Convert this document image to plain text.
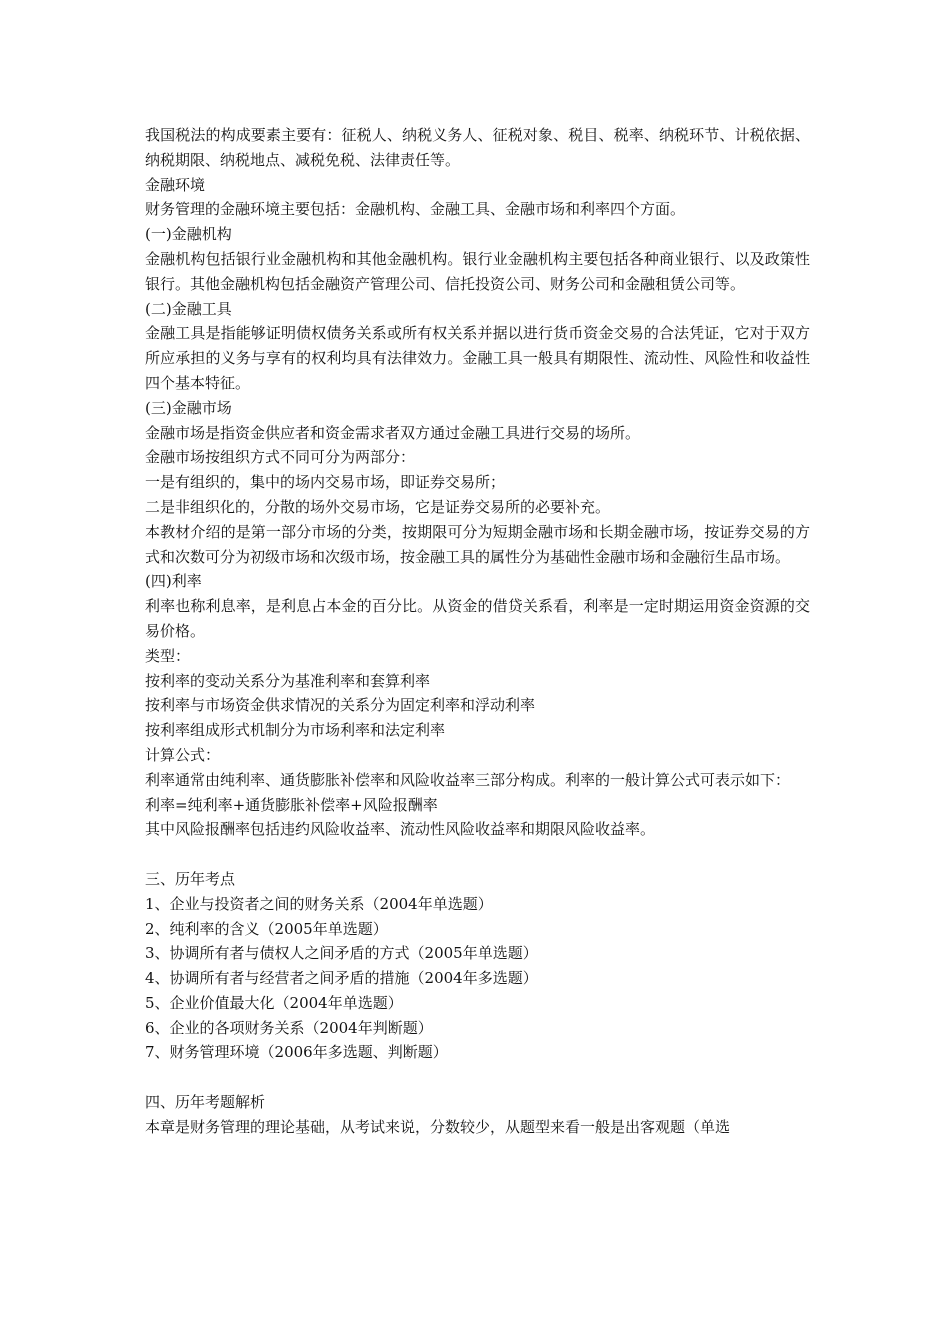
我国税法的构成要素主要有：征税人、纳税义务人、征税对象、税目、税率、纳税环节、计税依据、纳税期限、纳税地点、减税免税、法律责任等。

金融环境

财务管理的金融环境主要包括：金融机构、金融工具、金融市场和利率四个方面。

(一)金融机构

金融机构包括银行业金融机构和其他金融机构。银行业金融机构主要包括各种商业银行、以及政策性银行。其他金融机构包括金融资产管理公司、信托投资公司、财务公司和金融租赁公司等。

(二)金融工具

金融工具是指能够证明债权债务关系或所有权关系并据以进行货币资金交易的合法凭证，它对于双方所应承担的义务与享有的权利均具有法律效力。金融工具一般具有期限性、流动性、风险性和收益性四个基本特征。

(三)金融市场

金融市场是指资金供应者和资金需求者双方通过金融工具进行交易的场所。

金融市场按组织方式不同可分为两部分：

一是有组织的，集中的场内交易市场，即证券交易所；

二是非组织化的，分散的场外交易市场，它是证券交易所的必要补充。

本教材介绍的是第一部分市场的分类，按期限可分为短期金融市场和长期金融市场，按证券交易的方式和次数可分为初级市场和次级市场，按金融工具的属性分为基础性金融市场和金融衍生品市场。

(四)利率

利率也称利息率，是利息占本金的百分比。从资金的借贷关系看，利率是一定时期运用资金资源的交易价格。

类型：

按利率的变动关系分为基准利率和套算利率

按利率与市场资金供求情况的关系分为固定利率和浮动利率

按利率组成形式机制分为市场利率和法定利率

计算公式：

利率通常由纯利率、通货膨胀补偿率和风险收益率三部分构成。利率的一般计算公式可表示如下：

利率=纯利率+通货膨胀补偿率+风险报酬率

其中风险报酬率包括违约风险收益率、流动性风险收益率和期限风险收益率。

三、历年考点

1、企业与投资者之间的财务关系（2004年单选题）

2、纯利率的含义（2005年单选题）

3、协调所有者与债权人之间矛盾的方式（2005年单选题）

4、协调所有者与经营者之间矛盾的措施（2004年多选题）

5、企业价值最大化（2004年单选题）

6、企业的各项财务关系（2004年判断题）

7、财务管理环境（2006年多选题、判断题）

四、历年考题解析

本章是财务管理的理论基础，从考试来说，分数较少，从题型来看一般是出客观题（单选
